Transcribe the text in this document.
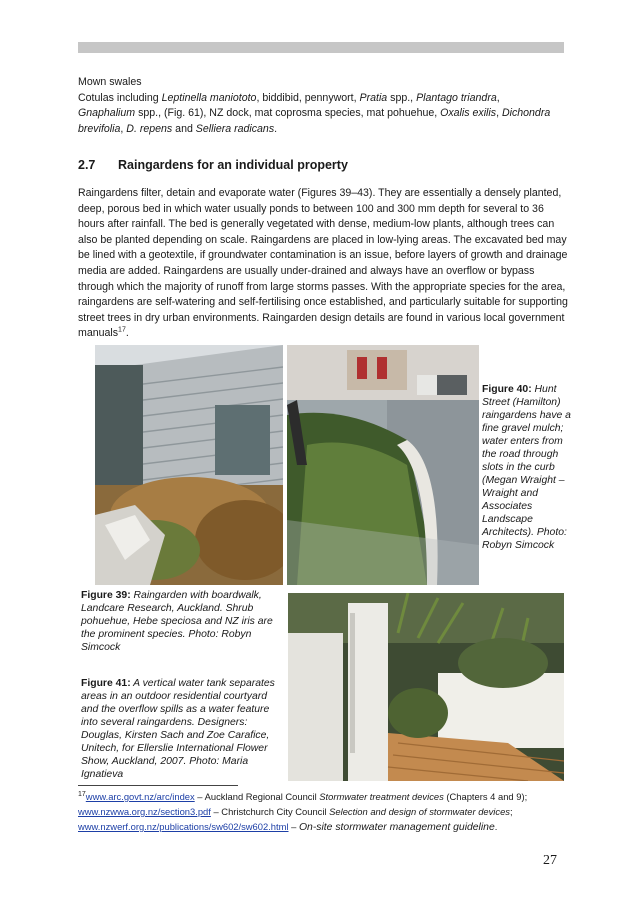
Mown swales
Cotulas including Leptinella maniototo, biddibid, pennywort, Pratia spp., Plantago triandra,
Gnaphalium spp., (Fig. 61), NZ dock, mat coprosma species, mat pohuehue, Oxalis exilis, Dichondra
brevifolia, D. repens and Selliera radicans.

2.7 Raingardens for an individual property

Raingardens filter, detain and evaporate water (Figures 39–43). They are essentially a densely planted, deep, porous bed in which water usually ponds to between 100 and 300 mm depth for several to 36 hours after rainfall. The bed is generally vegetated with dense, medium-low plants, although trees can also be planted depending on scale. Raingardens are placed in low-lying areas. The excavated bed may be lined with a geotextile, if groundwater contamination is an issue, before layers of growth and drainage media are added. Raingardens are usually under-drained and always have an overflow or bypass through which the majority of runoff from large storms passes. With the appropriate species for the area, raingardens are self-watering and self-fertilising once established, and particularly suitable for supporting street trees in dry urban environments. Raingarden design details are found in various local government manuals$^{17}$.

Figure 40: Hunt Street (Hamilton) raingardens have a fine gravel mulch; water enters from the road through slots in the curb (Megan Wraight – Wraight and Associates Landscape Architects). Photo: Robyn Simcock
Figure 39: Raingarden with boardwalk, Landcare Research, Auckland. Shrub pohuehue, Hebe speciosa and NZ iris are the prominent species. Photo: Robyn Simcock
Figure 41: A vertical water tank separates areas in an outdoor residential courtyard and the overflow spills as a water feature into several raingardens. Designers: Douglas, Kirsten Sach and Zoe Carafice, Unitech, for Ellerslie International Flower Show, Auckland, 2007. Photo: Maria Ignatieva
$^{17}$www.arc.govt.nz/arc/index – Auckland Regional Council Stormwater treatment devices (Chapters 4 and 9);
www.nzwwa.org.nz/section3.pdf – Christchurch City Council Selection and design of stormwater devices;
www.nzwerf.org.nz/publications/sw602/sw602.html – On-site stormwater management guideline.
27
